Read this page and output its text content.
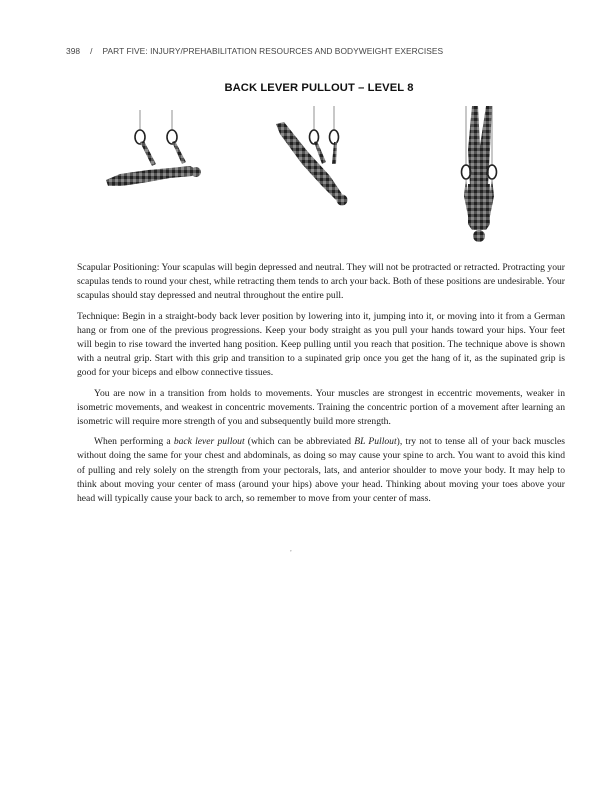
398 / PART FIVE: INJURY/PREHABILITATION RESOURCES AND BODYWEIGHT EXERCISES
BACK LEVER PULLOUT – LEVEL 8

Scapular Positioning: Your scapulas will begin depressed and neutral. They will not be protracted or retracted. Protracting your scapulas tends to round your chest, while retracting them tends to arch your back. Both of these positions are undesirable. Your scapulas should stay depressed and neutral throughout the entire pull.

Technique: Begin in a straight-body back lever position by lowering into it, jumping into it, or moving into it from a German hang or from one of the previous progressions. Keep your body straight as you pull your hands toward your hips. Your feet will begin to rise toward the inverted hang position. Keep pulling until you reach that position. The technique above is shown with a neutral grip. Start with this grip and transition to a supinated grip once you get the hang of it, as the supinated grip is good for your biceps and elbow connective tissues.

You are now in a transition from holds to movements. Your muscles are strongest in eccentric movements, weaker in isometric movements, and weakest in concentric movements. Training the concentric portion of a movement after learning an isometric will require more strength of you and subsequently build more strength.

When performing a back lever pullout (which can be abbreviated BL Pullout), try not to tense all of your back muscles without doing the same for your chest and abdominals, as doing so may cause your spine to arch. You want to avoid this kind of pulling and rely solely on the strength from your pectorals, lats, and anterior shoulder to move your body. It may help to think about moving your center of mass (around your hips) above your head. Thinking about moving your toes above your head will typically cause your back to arch, so remember to move from your center of mass.

,
